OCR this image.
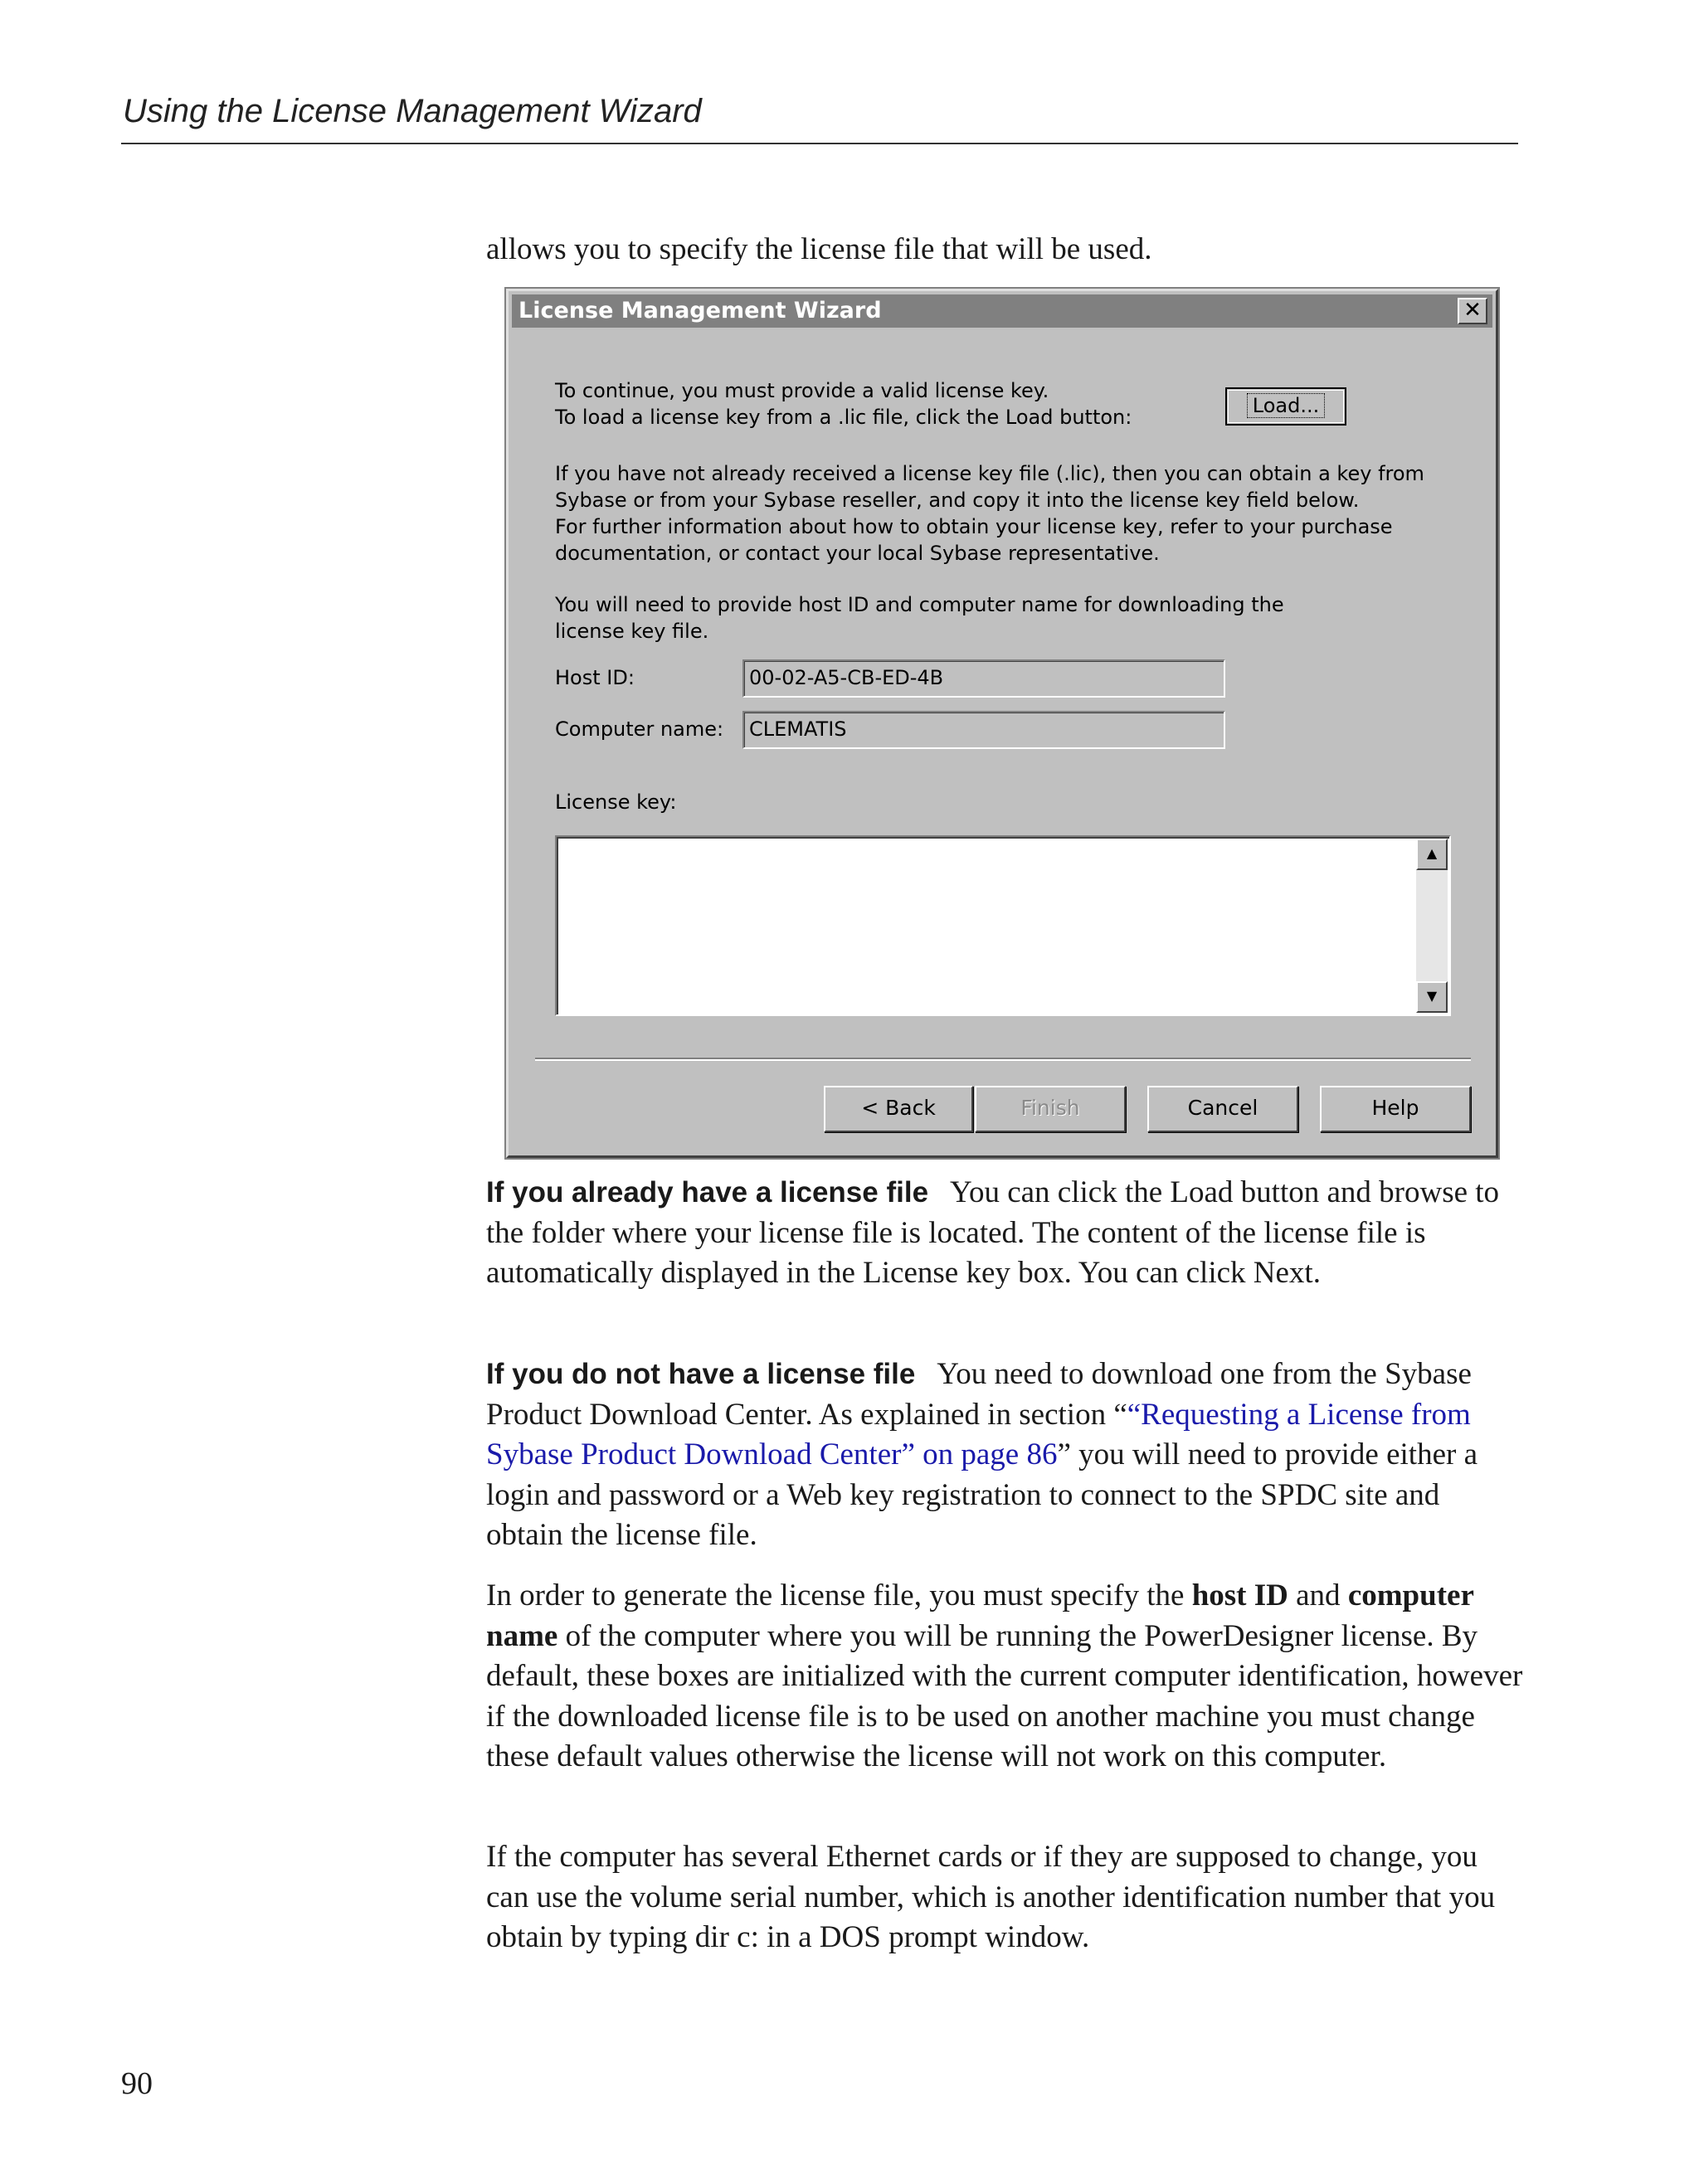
Using the License Management Wizard
allows you to specify the license file that will be used.
License Management Wizard	✕
To continue, you must provide a valid license key.
To load a license key from a .lic file, click the Load button:	Load...
If you have not already received a license key file (.lic), then you can obtain a key from
Sybase or from your Sybase reseller, and copy it into the license key field below.
For further information about how to obtain your license key, refer to your purchase
documentation, or contact your local Sybase representative.
You will need to provide host ID and computer name for downloading the
license key file.
Host ID:	00-02-A5-CB-ED-4B
Computer name:	CLEMATIS
License key:
▲
▼
< Back	Finish	Cancel	Help

If you already have a license file You can click the Load button and browse to the folder where your license file is located. The content of the license file is automatically displayed in the License key box. You can click Next.

If you do not have a license file You need to download one from the Sybase Product Download Center. As explained in section ““Requesting a License from Sybase Product Download Center” on page 86” you will need to provide either a login and password or a Web key registration to connect to the SPDC site and obtain the license file.

In order to generate the license file, you must specify the host ID and computer name of the computer where you will be running the PowerDesigner license. By default, these boxes are initialized with the current computer identification, however if the downloaded license file is to be used on another machine you must change these default values otherwise the license will not work on this computer.

If the computer has several Ethernet cards or if they are supposed to change, you can use the volume serial number, which is another identification number that you obtain by typing dir c: in a DOS prompt window.

90
